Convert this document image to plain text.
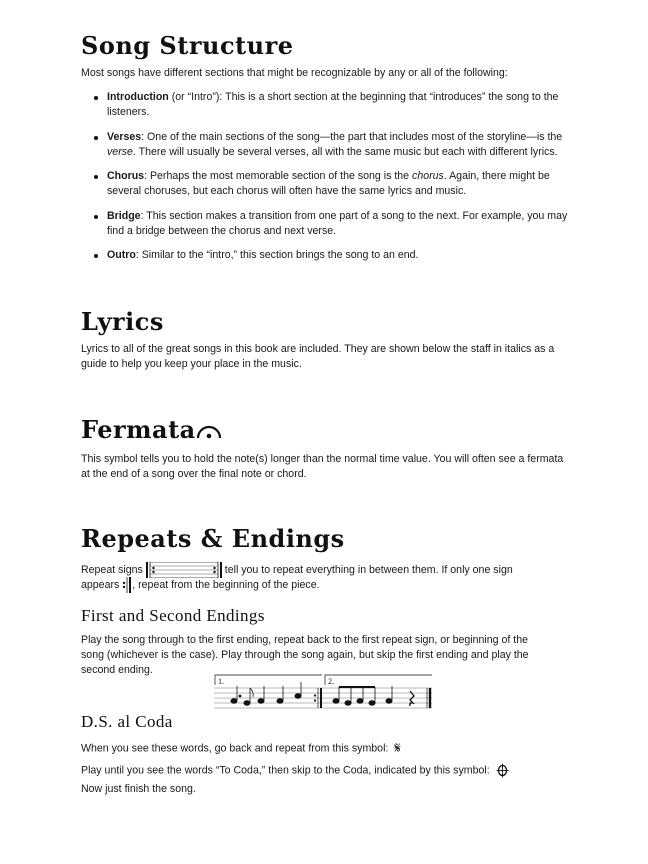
Song Structure

Most songs have different sections that might be recognizable by any or all of the following:

Introduction (or “Intro”): This is a short section at the beginning that “introduces” the song to the listeners.
Verses: One of the main sections of the song—the part that includes most of the storyline—is the verse. There will usually be several verses, all with the same music but each with different lyrics.
Chorus: Perhaps the most memorable section of the song is the chorus. Again, there might be several choruses, but each chorus will often have the same lyrics and music.
Bridge: This section makes a transition from one part of a song to the next. For example, you may find a bridge between the chorus and next verse.
Outro: Similar to the “intro,” this section brings the song to an end.
Lyrics

Lyrics to all of the great songs in this book are included. They are shown below the staff in italics as a guide to help you keep your place in the music.

Fermata

This symbol tells you to hold the note(s) longer than the normal time value. You will often see a fermata at the end of a song over the final note or chord.

Repeats & Endings

Repeat signs	tell you to repeat everything in between them. If only one sign

appears , repeat from the beginning of the piece.

First and Second Endings

Play the song through to the first ending, repeat back to the first repeat sign, or beginning of the song (whichever is the case). Play through the song again, but skip the first ending and play the second ending.

1.	2.
D.S. al Coda

When you see these words, go back and repeat from this symbol: 𝄋

Play until you see the words “To Coda,” then skip to the Coda, indicated by this symbol:

Now just finish the song.
